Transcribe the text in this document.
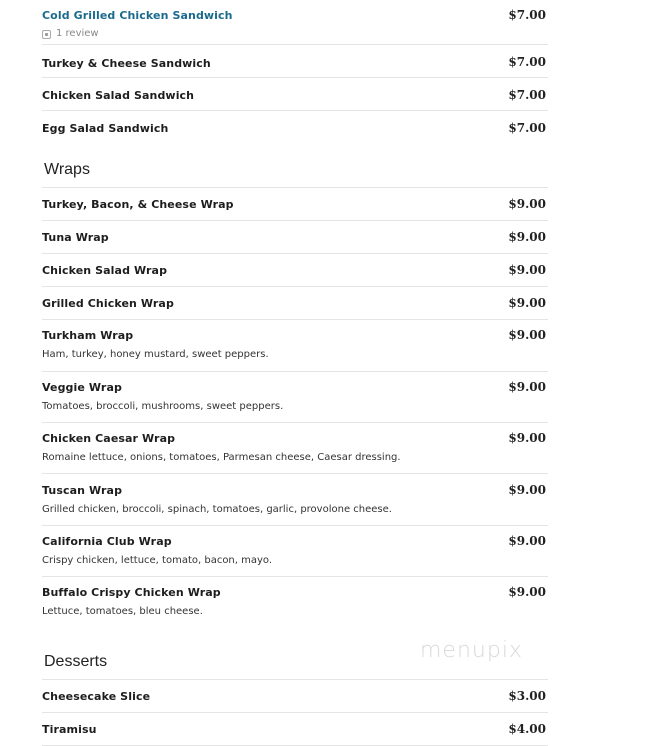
Cold Grilled Chicken Sandwich	$7.00
1 review
Turkey & Cheese Sandwich	$7.00
Chicken Salad Sandwich	$7.00
Egg Salad Sandwich	$7.00
Wraps
Turkey, Bacon, & Cheese Wrap	$9.00
Tuna Wrap	$9.00
Chicken Salad Wrap	$9.00
Grilled Chicken Wrap	$9.00
Turkham Wrap	$9.00
Ham, turkey, honey mustard, sweet peppers.
Veggie Wrap	$9.00
Tomatoes, broccoli, mushrooms, sweet peppers.
Chicken Caesar Wrap	$9.00
Romaine lettuce, onions, tomatoes, Parmesan cheese, Caesar dressing.
Tuscan Wrap	$9.00
Grilled chicken, broccoli, spinach, tomatoes, garlic, provolone cheese.
California Club Wrap	$9.00
Crispy chicken, lettuce, tomato, bacon, mayo.
Buffalo Crispy Chicken Wrap	$9.00
Lettuce, tomatoes, bleu cheese.
Desserts
Cheesecake Slice	$3.00
Tiramisu	$4.00
menupix
